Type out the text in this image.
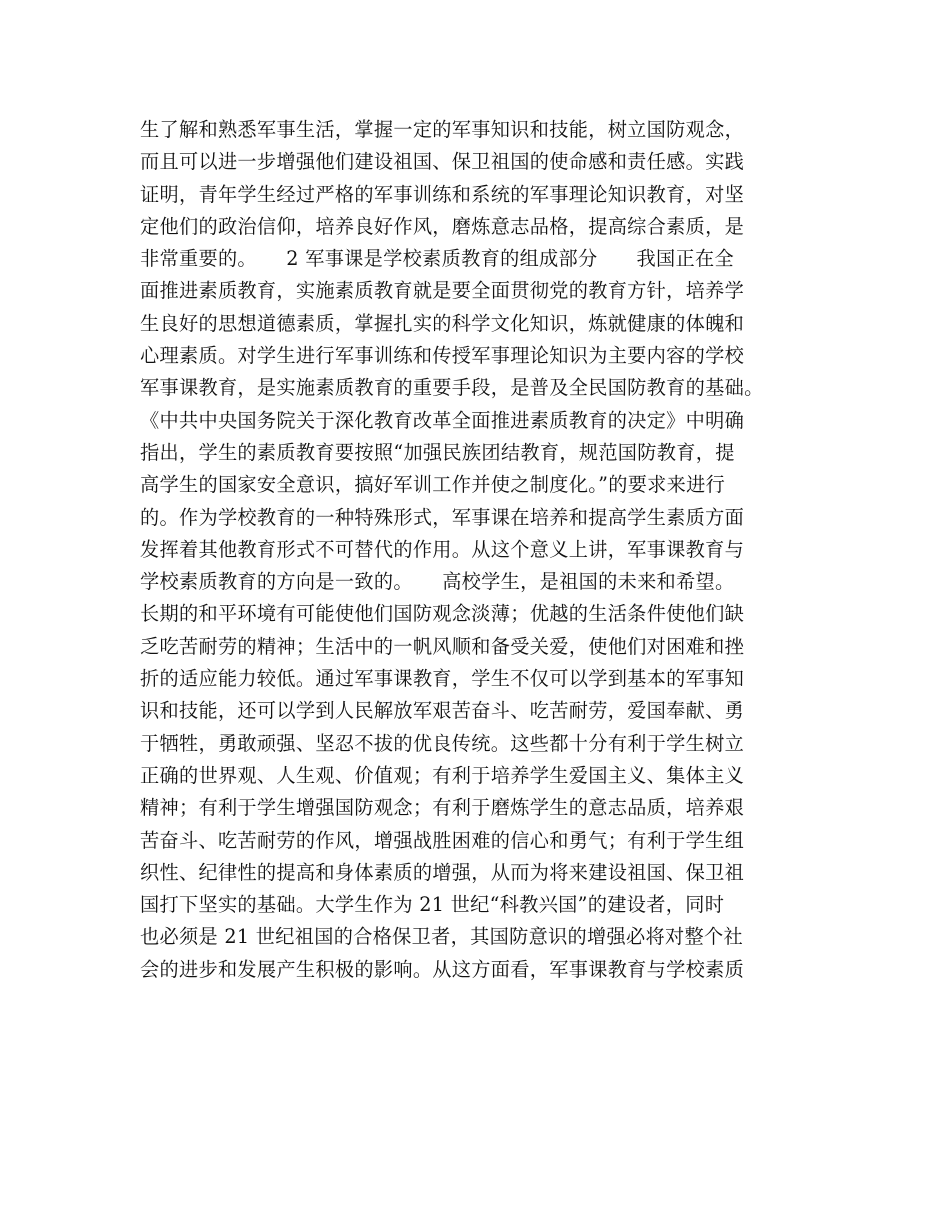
生了解和熟悉军事生活，掌握一定的军事知识和技能，树立国防观念，
而且可以进一步增强他们建设祖国、保卫祖国的使命感和责任感。实践
证明，青年学生经过严格的军事训练和系统的军事理论知识教育，对坚
定他们的政治信仰，培养良好作风，磨炼意志品格，提高综合素质，是
非常重要的。　　2 军事课是学校素质教育的组成部分　　我国正在全
面推进素质教育，实施素质教育就是要全面贯彻党的教育方针，培养学
生良好的思想道德素质，掌握扎实的科学文化知识，炼就健康的体魄和
心理素质。对学生进行军事训练和传授军事理论知识为主要内容的学校
军事课教育，是实施素质教育的重要手段，是普及全民国防教育的基础。
《中共中央国务院关于深化教育改革全面推进素质教育的决定》中明确
指出，学生的素质教育要按照“加强民族团结教育，规范国防教育，提
高学生的国家安全意识，搞好军训工作并使之制度化。”的要求来进行
的。作为学校教育的一种特殊形式，军事课在培养和提高学生素质方面
发挥着其他教育形式不可替代的作用。从这个意义上讲，军事课教育与
学校素质教育的方向是一致的。　　高校学生，是祖国的未来和希望。
长期的和平环境有可能使他们国防观念淡薄；优越的生活条件使他们缺
乏吃苦耐劳的精神；生活中的一帆风顺和备受关爱，使他们对困难和挫
折的适应能力较低。通过军事课教育，学生不仅可以学到基本的军事知
识和技能，还可以学到人民解放军艰苦奋斗、吃苦耐劳，爱国奉献、勇
于牺牲，勇敢顽强、坚忍不拔的优良传统。这些都十分有利于学生树立
正确的世界观、人生观、价值观；有利于培养学生爱国主义、集体主义
精神；有利于学生增强国防观念；有利于磨炼学生的意志品质，培养艰
苦奋斗、吃苦耐劳的作风，增强战胜困难的信心和勇气；有利于学生组
织性、纪律性的提高和身体素质的增强，从而为将来建设祖国、保卫祖
国打下坚实的基础。大学生作为 21 世纪“科教兴国”的建设者，同时
也必须是 21 世纪祖国的合格保卫者，其国防意识的增强必将对整个社
会的进步和发展产生积极的影响。从这方面看，军事课教育与学校素质
